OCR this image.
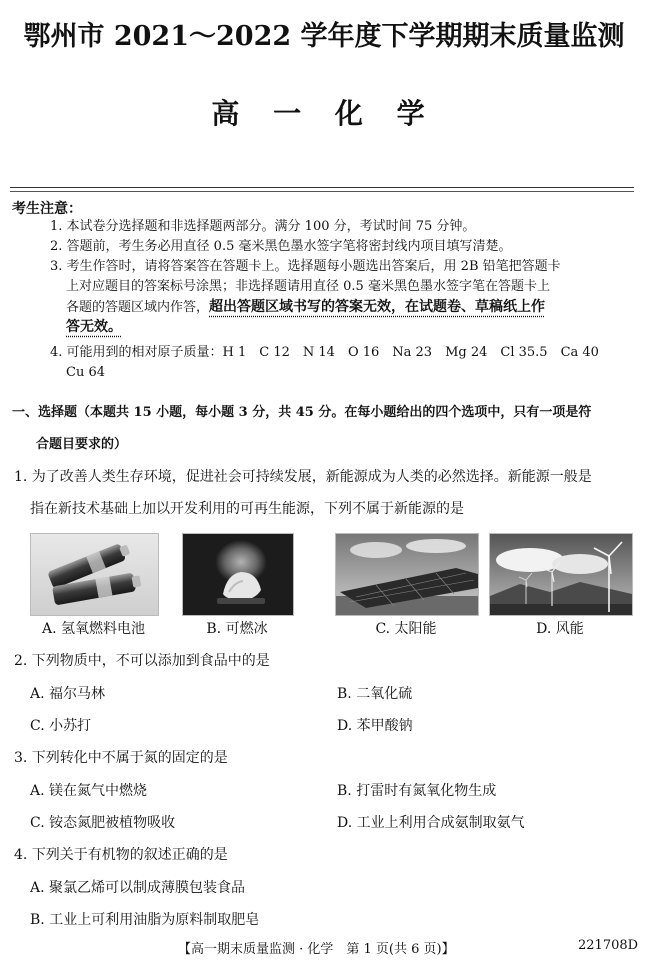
鄂州市 2021～2022 学年度下学期期末质量监测
高 一 化 学
考生注意：
1. 本试卷分选择题和非选择题两部分。满分 100 分，考试时间 75 分钟。
2. 答题前，考生务必用直径 0.5 毫米黑色墨水签字笔将密封线内项目填写清楚。
3. 考生作答时，请将答案答在答题卡上。选择题每小题选出答案后，用 2B 铅笔把答题卡
上对应题目的答案标号涂黑；非选择题请用直径 0.5 毫米黑色墨水签字笔在答题卡上
各题的答题区域内作答，超出答题区域书写的答案无效，在试题卷、草稿纸上作
答无效。
4. 可能用到的相对原子质量：H 1　C 12　N 14　O 16　Na 23　Mg 24　Cl 35.5　Ca 40
Cu 64
一、选择题（本题共 15 小题，每小题 3 分，共 45 分。在每小题给出的四个选项中，只有一项是符
合题目要求的）
1. 为了改善人类生存环境，促进社会可持续发展，新能源成为人类的必然选择。新能源一般是
指在新技术基础上加以开发利用的可再生能源，下列不属于新能源的是
A. 氢氧燃料电池	B. 可燃冰	C. 太阳能	D. 风能
2. 下列物质中，不可以添加到食品中的是
A. 福尔马林	B. 二氧化硫
C. 小苏打	D. 苯甲酸钠
3. 下列转化中不属于氮的固定的是
A. 镁在氮气中燃烧	B. 打雷时有氮氧化物生成
C. 铵态氮肥被植物吸收	D. 工业上利用合成氨制取氨气
4. 下列关于有机物的叙述正确的是
A. 聚氯乙烯可以制成薄膜包装食品
B. 工业上可利用油脂为原料制取肥皂
【高一期末质量监测 · 化学　第 1 页(共 6 页)】	221708D
